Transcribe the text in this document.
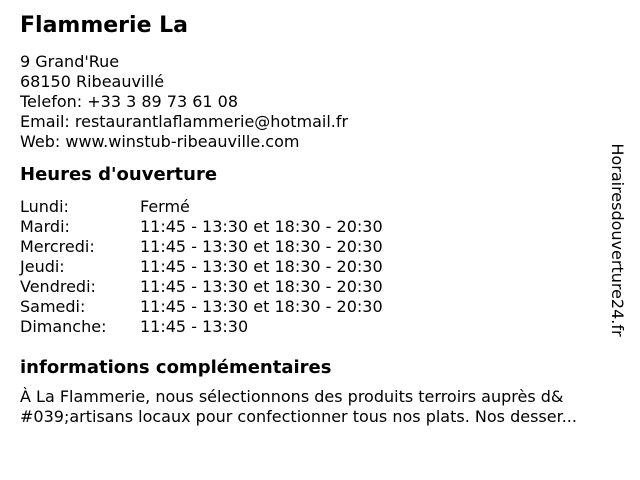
Flammerie La
9 Grand'Rue
68150 Ribeauvillé
Telefon: +33 3 89 73 61 08
Email: restaurantlaflammerie@hotmail.fr
Web: www.winstub-ribeauville.com
Heures d'ouverture
Lundi:	Fermé
Mardi:	11:45 - 13:30 et 18:30 - 20:30
Mercredi:	11:45 - 13:30 et 18:30 - 20:30
Jeudi:	11:45 - 13:30 et 18:30 - 20:30
Vendredi:	11:45 - 13:30 et 18:30 - 20:30
Samedi:	11:45 - 13:30 et 18:30 - 20:30
Dimanche:	11:45 - 13:30
informations complémentaires
À La Flammerie, nous sélectionnons des produits terroirs auprès d&
#039;artisans locaux pour confectionner tous nos plats. Nos desser...
Horairesdouverture24.fr
